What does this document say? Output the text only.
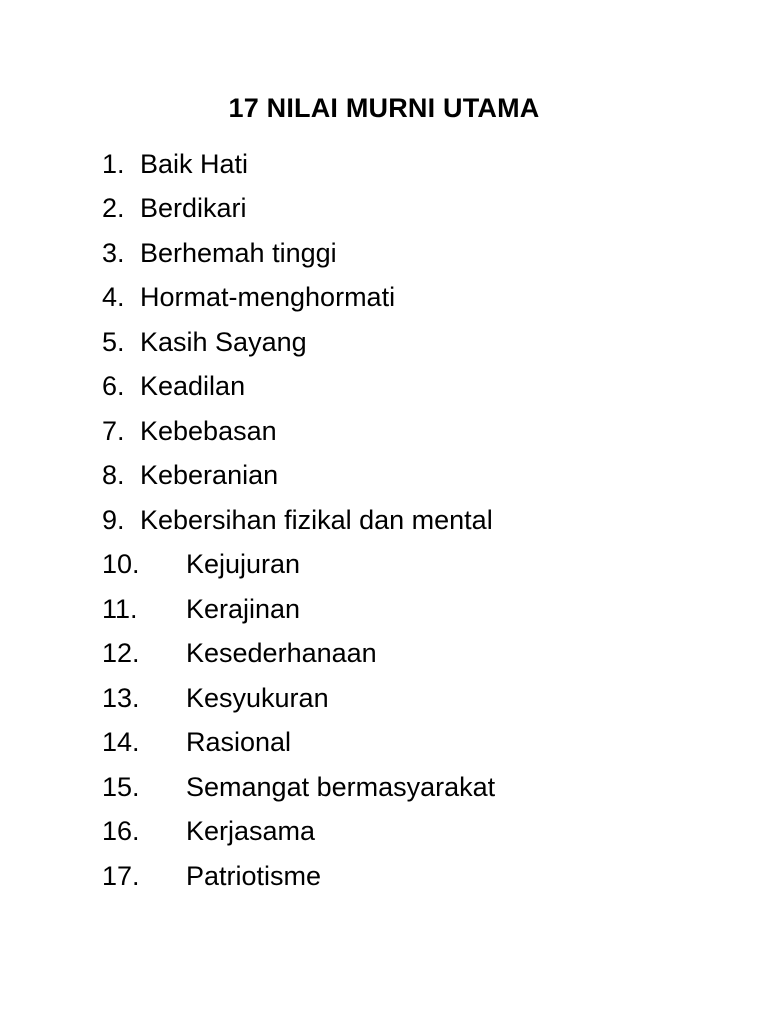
17 NILAI MURNI UTAMA
1. Baik Hati
2. Berdikari
3. Berhemah tinggi
4. Hormat-menghormati
5. Kasih Sayang
6. Keadilan
7. Kebebasan
8. Keberanian
9. Kebersihan fizikal dan mental
10.	Kejujuran
11.	Kerajinan
12.	Kesederhanaan
13.	Kesyukuran
14.	Rasional
15.	Semangat bermasyarakat
16.	Kerjasama
17.	Patriotisme
